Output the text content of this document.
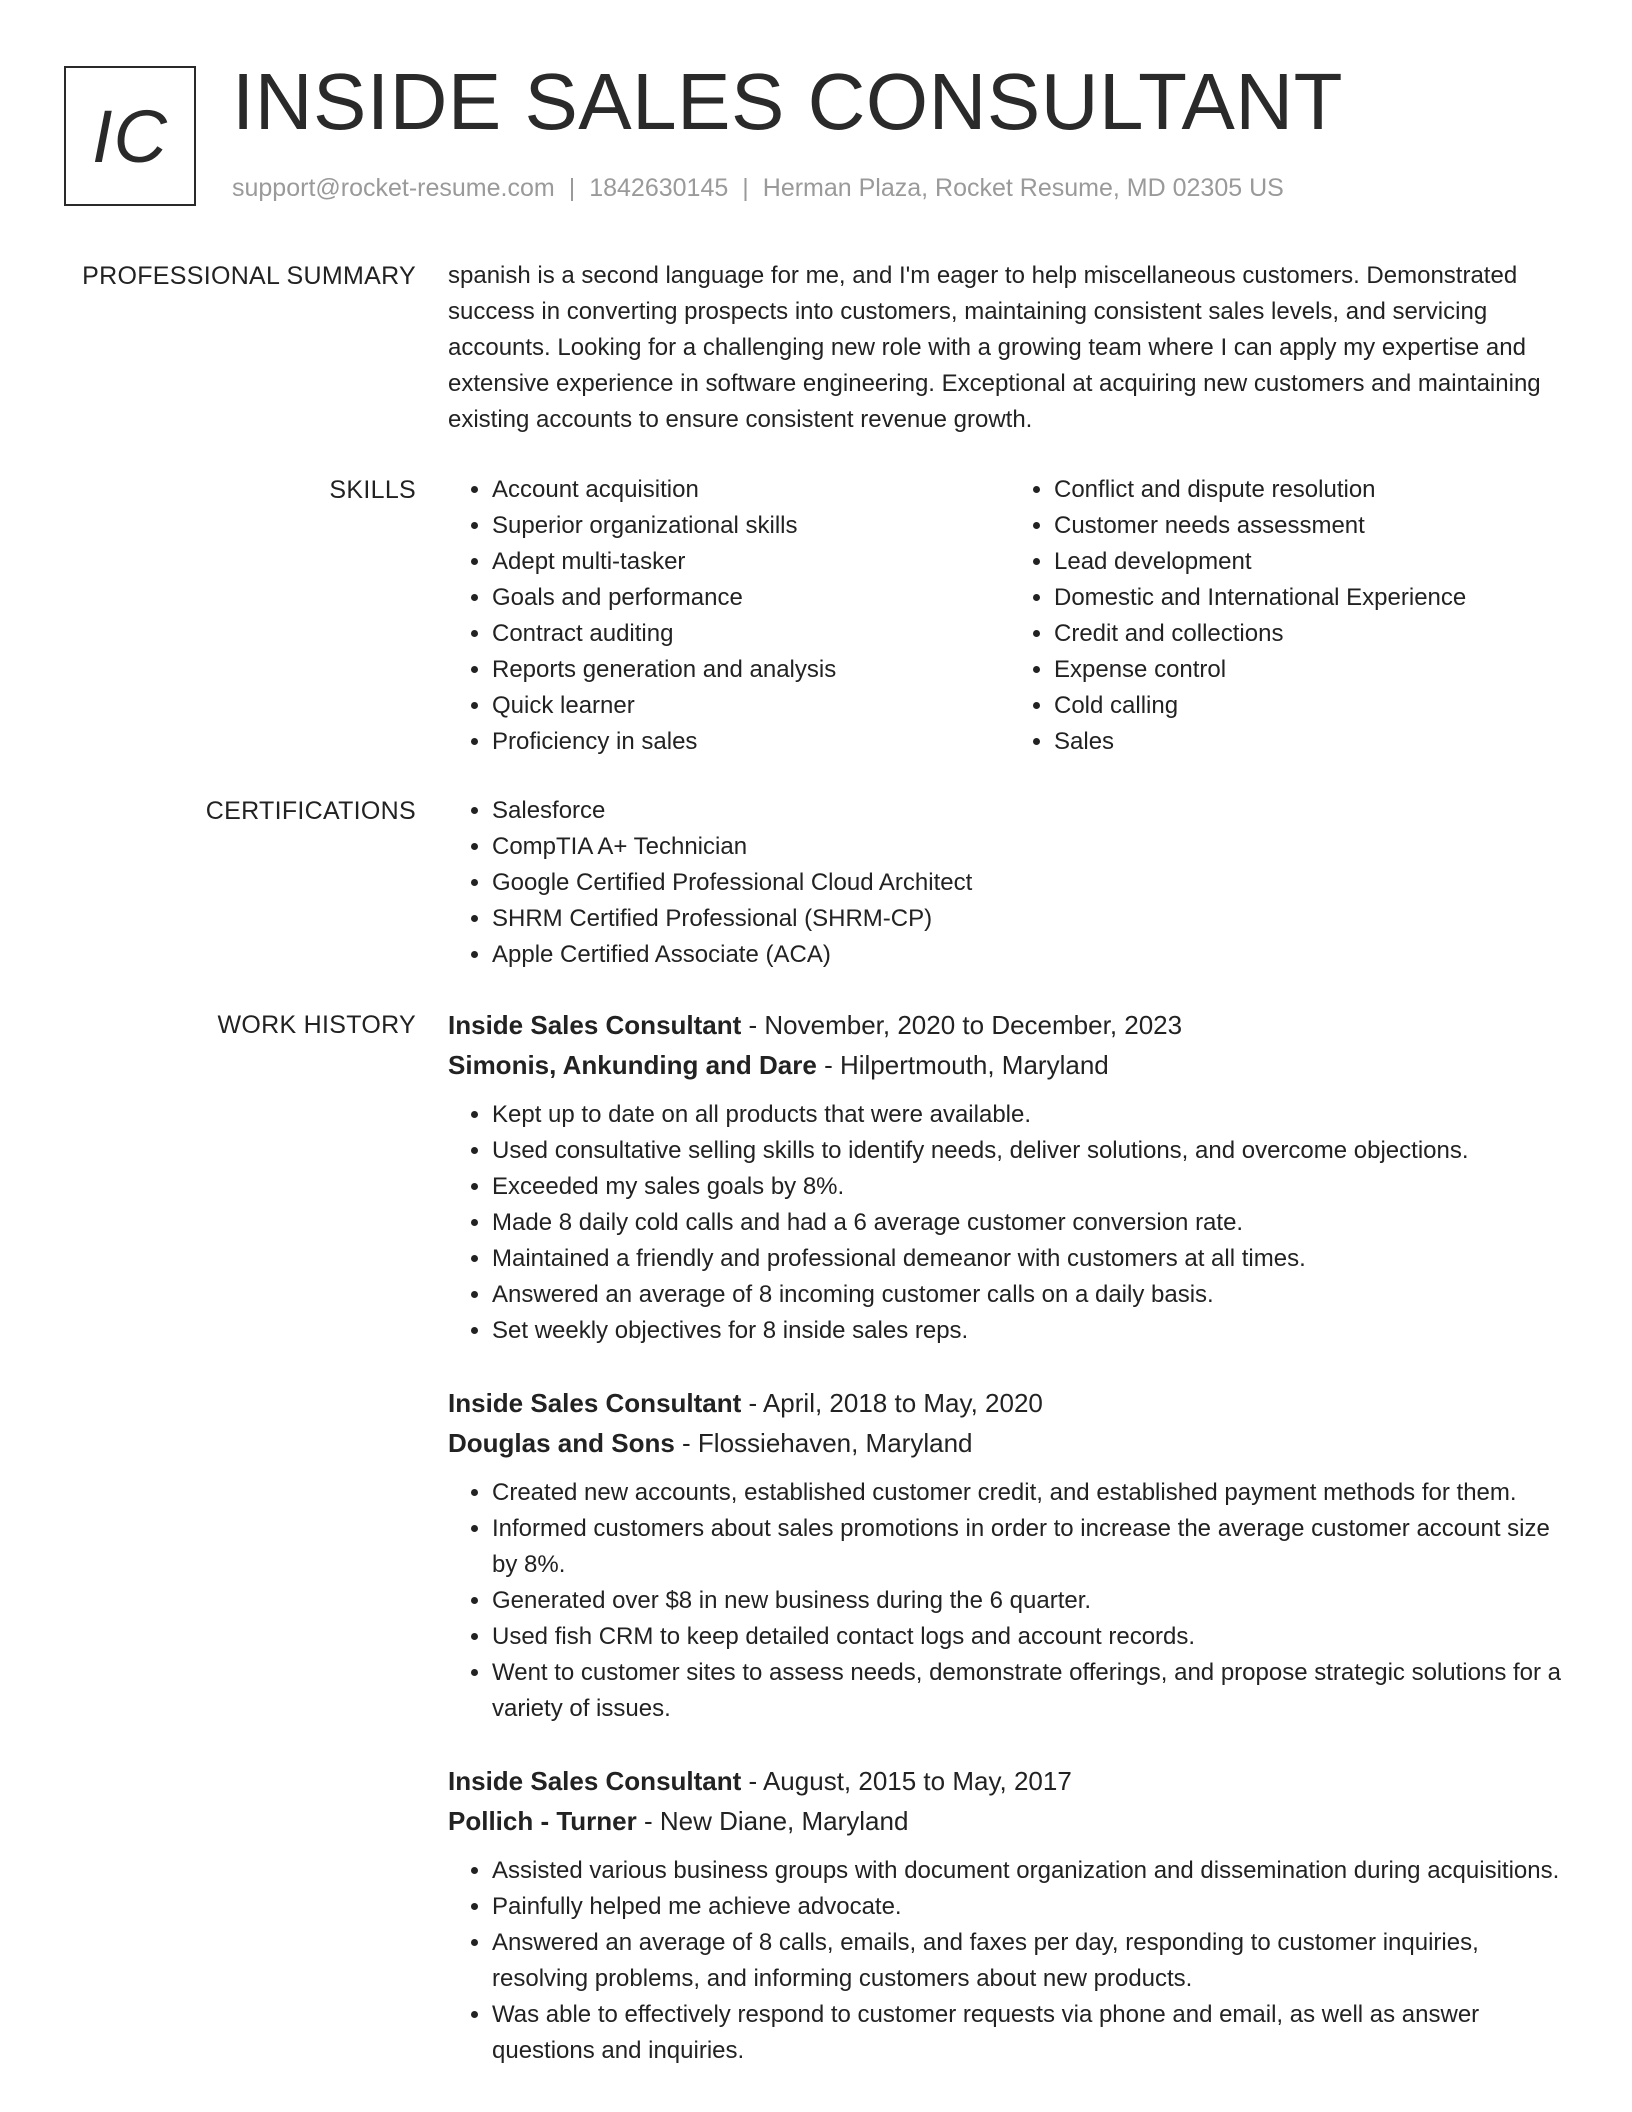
IC INSIDE SALES CONSULTANT
support@rocket-resume.com | 1842630145 | Herman Plaza, Rocket Resume, MD 02305 US
PROFESSIONAL SUMMARY spanish is a second language for me, and I'm eager to help miscellaneous customers. Demonstrated success in converting prospects into customers, maintaining consistent sales levels, and servicing accounts. Looking for a challenging new role with a growing team where I can apply my expertise and extensive experience in software engineering. Exceptional at acquiring new customers and maintaining existing accounts to ensure consistent revenue growth.

SKILLS	• Account acquisition
• Superior organizational skills
• Adept multi-tasker
• Goals and performance
• Contract auditing
• Reports generation and analysis
• Quick learner
• Proficiency in sales
• Conflict and dispute resolution
• Customer needs assessment
• Lead development
• Domestic and International Experience
• Credit and collections
• Expense control
• Cold calling
• Sales
CERTIFICATIONS	• Salesforce
• CompTIA A+ Technician
• Google Certified Professional Cloud Architect
• SHRM Certified Professional (SHRM-CP)
• Apple Certified Associate (ACA)
WORK HISTORY Inside Sales Consultant - November, 2020 to December, 2023
Simonis, Ankunding and Dare - Hilpertmouth, Maryland
• Kept up to date on all products that were available.
• Used consultative selling skills to identify needs, deliver solutions, and overcome objections.
• Exceeded my sales goals by 8%.
• Made 8 daily cold calls and had a 6 average customer conversion rate.
• Maintained a friendly and professional demeanor with customers at all times.
• Answered an average of 8 incoming customer calls on a daily basis.
• Set weekly objectives for 8 inside sales reps.
Inside Sales Consultant - April, 2018 to May, 2020
Douglas and Sons - Flossiehaven, Maryland
• Created new accounts, established customer credit, and established payment methods for them.
• Informed customers about sales promotions in order to increase the average customer account size by 8%.
• Generated over $8 in new business during the 6 quarter.
• Used fish CRM to keep detailed contact logs and account records.
• Went to customer sites to assess needs, demonstrate offerings, and propose strategic solutions for a variety of issues.
Inside Sales Consultant - August, 2015 to May, 2017
Pollich - Turner - New Diane, Maryland
• Assisted various business groups with document organization and dissemination during acquisitions.
• Painfully helped me achieve advocate.
• Answered an average of 8 calls, emails, and faxes per day, responding to customer inquiries, resolving problems, and informing customers about new products.
• Was able to effectively respond to customer requests via phone and email, as well as answer questions and inquiries.
